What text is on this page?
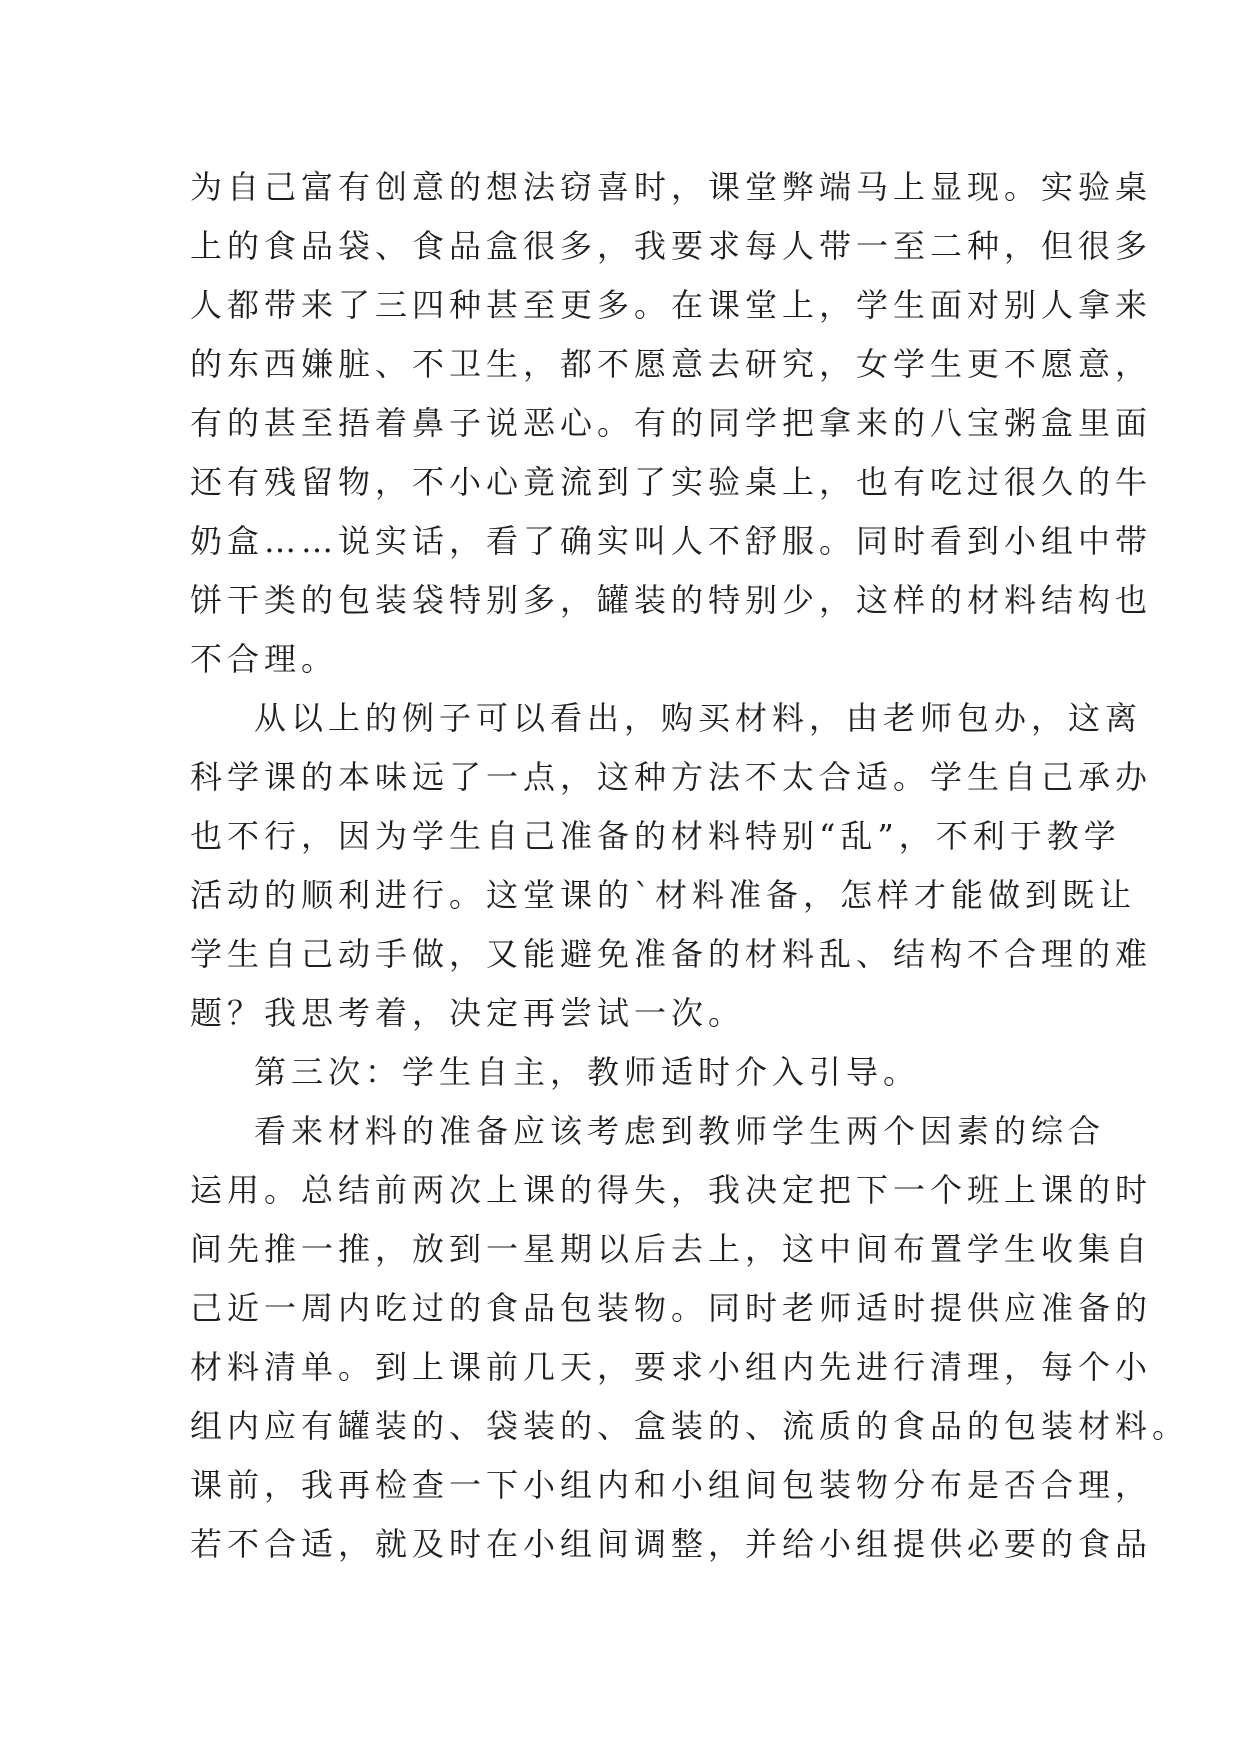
为自己富有创意的想法窃喜时，课堂弊端马上显现。实验桌
上的食品袋、食品盒很多，我要求每人带一至二种，但很多
人都带来了三四种甚至更多。在课堂上，学生面对别人拿来
的东西嫌脏、不卫生，都不愿意去研究，女学生更不愿意，
有的甚至捂着鼻子说恶心。有的同学把拿来的八宝粥盒里面
还有残留物，不小心竟流到了实验桌上，也有吃过很久的牛
奶盒……说实话，看了确实叫人不舒服。同时看到小组中带
饼干类的包装袋特别多，罐装的特别少，这样的材料结构也
不合理。
从以上的例子可以看出，购买材料，由老师包办，这离
科学课的本味远了一点，这种方法不太合适。学生自己承办
也不行，因为学生自己准备的材料特别“乱”，不利于教学
活动的顺利进行。这堂课的`材料准备，怎样才能做到既让
学生自己动手做，又能避免准备的材料乱、结构不合理的难
题？我思考着，决定再尝试一次。
第三次：学生自主，教师适时介入引导。
看来材料的准备应该考虑到教师学生两个因素的综合
运用。总结前两次上课的得失，我决定把下一个班上课的时
间先推一推，放到一星期以后去上，这中间布置学生收集自
己近一周内吃过的食品包装物。同时老师适时提供应准备的
材料清单。到上课前几天，要求小组内先进行清理，每个小
组内应有罐装的、袋装的、盒装的、流质的食品的包装材料。
课前，我再检查一下小组内和小组间包装物分布是否合理，
若不合适，就及时在小组间调整，并给小组提供必要的食品
